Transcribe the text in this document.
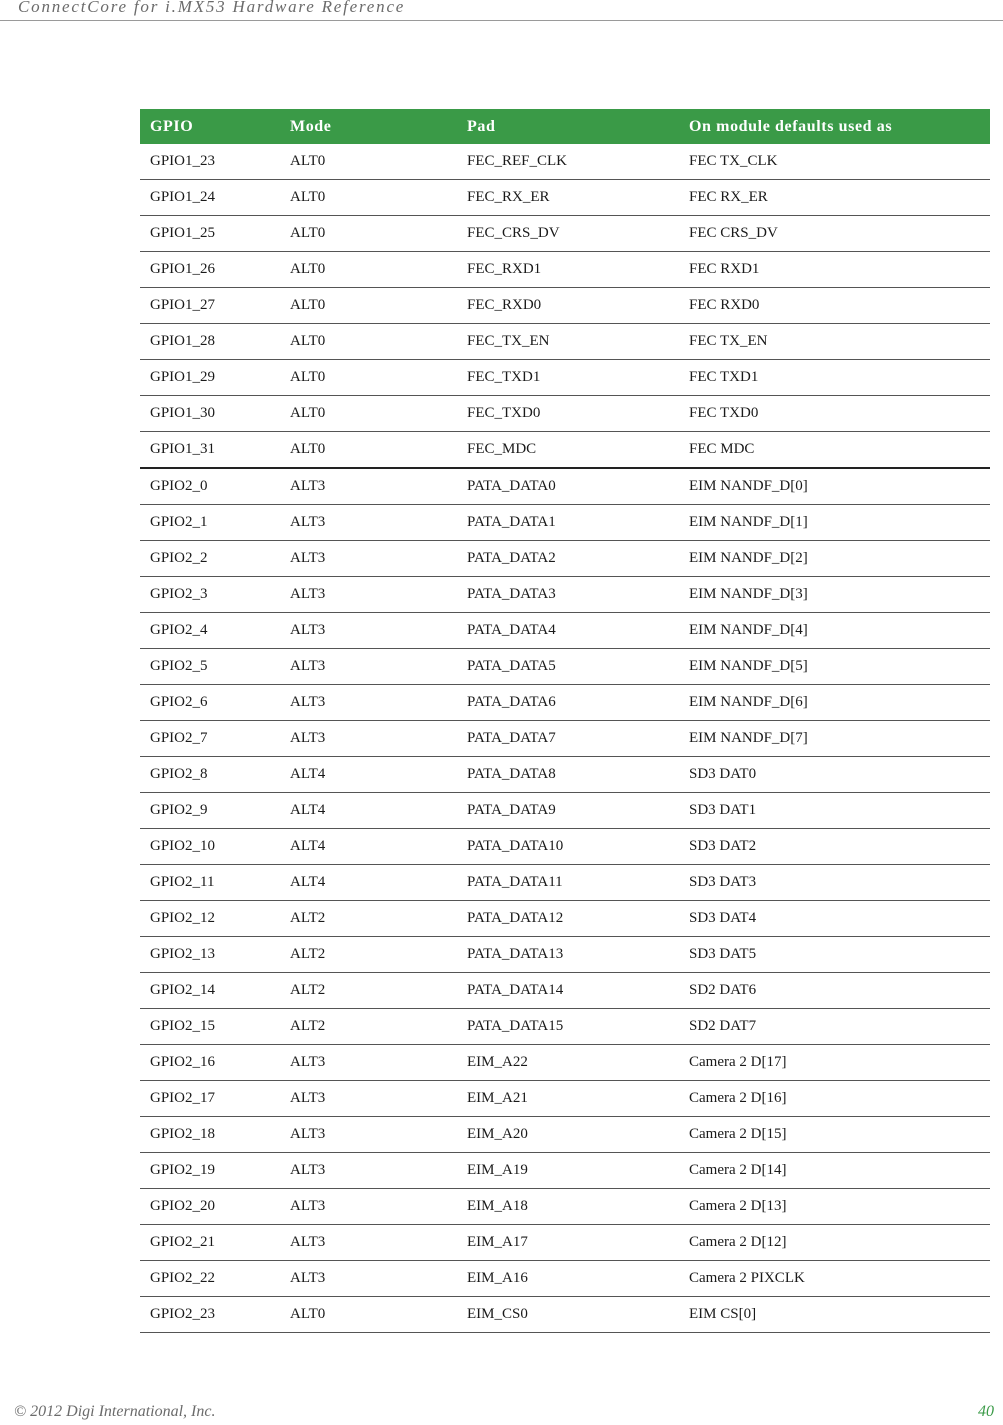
ConnectCore for i.MX53 Hardware Reference
GPIO	Mode	Pad	On module defaults used as
GPIO1_23	ALT0	FEC_REF_CLK	FEC TX_CLK
GPIO1_24	ALT0	FEC_RX_ER	FEC RX_ER
GPIO1_25	ALT0	FEC_CRS_DV	FEC CRS_DV
GPIO1_26	ALT0	FEC_RXD1	FEC RXD1
GPIO1_27	ALT0	FEC_RXD0	FEC RXD0
GPIO1_28	ALT0	FEC_TX_EN	FEC TX_EN
GPIO1_29	ALT0	FEC_TXD1	FEC TXD1
GPIO1_30	ALT0	FEC_TXD0	FEC TXD0
GPIO1_31	ALT0	FEC_MDC	FEC MDC
GPIO2_0	ALT3	PATA_DATA0	EIM NANDF_D[0]
GPIO2_1	ALT3	PATA_DATA1	EIM NANDF_D[1]
GPIO2_2	ALT3	PATA_DATA2	EIM NANDF_D[2]
GPIO2_3	ALT3	PATA_DATA3	EIM NANDF_D[3]
GPIO2_4	ALT3	PATA_DATA4	EIM NANDF_D[4]
GPIO2_5	ALT3	PATA_DATA5	EIM NANDF_D[5]
GPIO2_6	ALT3	PATA_DATA6	EIM NANDF_D[6]
GPIO2_7	ALT3	PATA_DATA7	EIM NANDF_D[7]
GPIO2_8	ALT4	PATA_DATA8	SD3 DAT0
GPIO2_9	ALT4	PATA_DATA9	SD3 DAT1
GPIO2_10	ALT4	PATA_DATA10	SD3 DAT2
GPIO2_11	ALT4	PATA_DATA11	SD3 DAT3
GPIO2_12	ALT2	PATA_DATA12	SD3 DAT4
GPIO2_13	ALT2	PATA_DATA13	SD3 DAT5
GPIO2_14	ALT2	PATA_DATA14	SD2 DAT6
GPIO2_15	ALT2	PATA_DATA15	SD2 DAT7
GPIO2_16	ALT3	EIM_A22	Camera 2 D[17]
GPIO2_17	ALT3	EIM_A21	Camera 2 D[16]
GPIO2_18	ALT3	EIM_A20	Camera 2 D[15]
GPIO2_19	ALT3	EIM_A19	Camera 2 D[14]
GPIO2_20	ALT3	EIM_A18	Camera 2 D[13]
GPIO2_21	ALT3	EIM_A17	Camera 2 D[12]
GPIO2_22	ALT3	EIM_A16	Camera 2 PIXCLK
GPIO2_23	ALT0	EIM_CS0	EIM CS[0]
© 2012 Digi International, Inc.	40
